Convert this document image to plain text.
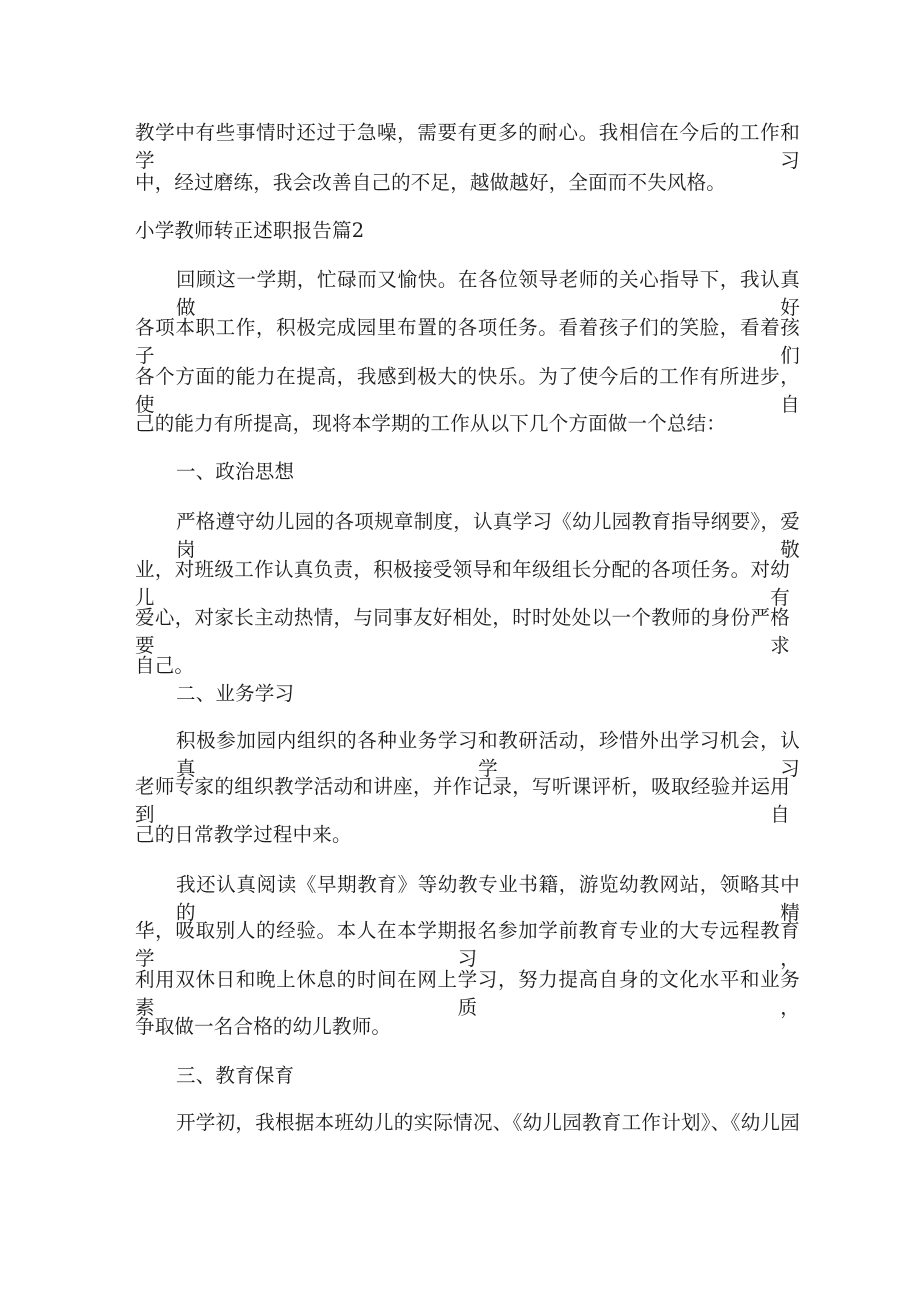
教学中有些事情时还过于急噪，需要有更多的耐心。我相信在今后的工作和学习
中，经过磨练，我会改善自己的不足，越做越好，全面而不失风格。
小学教师转正述职报告篇2
回顾这一学期，忙碌而又愉快。在各位领导老师的关心指导下，我认真做好
各项本职工作，积极完成园里布置的各项任务。看着孩子们的笑脸，看着孩子们
各个方面的能力在提高，我感到极大的快乐。为了使今后的工作有所进步，使自
己的能力有所提高，现将本学期的工作从以下几个方面做一个总结：
一、政治思想
严格遵守幼儿园的各项规章制度，认真学习《幼儿园教育指导纲要》，爱岗敬
业，对班级工作认真负责，积极接受领导和年级组长分配的各项任务。对幼儿有
爱心，对家长主动热情，与同事友好相处，时时处处以一个教师的身份严格要求
自己。
二、业务学习
积极参加园内组织的各种业务学习和教研活动，珍惜外出学习机会，认真学习
老师专家的组织教学活动和讲座，并作记录，写听课评析，吸取经验并运用到自
己的日常教学过程中来。
我还认真阅读《早期教育》等幼教专业书籍，游览幼教网站，领略其中的精
华，吸取别人的经验。本人在本学期报名参加学前教育专业的大专远程教育学习，
利用双休日和晚上休息的时间在网上学习，努力提高自身的文化水平和业务素质，
争取做一名合格的幼儿教师。
三、教育保育
开学初，我根据本班幼儿的实际情况、《幼儿园教育工作计划》、《幼儿园
